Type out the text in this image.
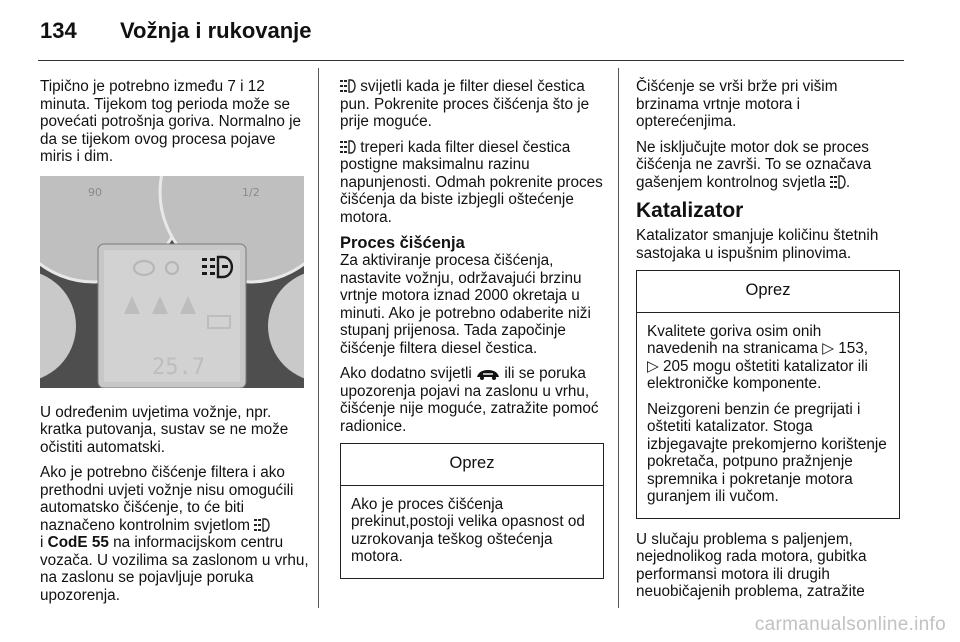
134 Vožnja i rukovanje

Tipično je potrebno između 7 i 12 minuta. Tijekom tog perioda može se povećati potrošnja goriva. Normalno je da se tijekom ovog procesa pojave miris i dim.

90	1/2
25.7

U određenim uvjetima vožnje, npr. kratka putovanja, sustav se ne može očistiti automatski.

Ako je potrebno čišćenje filtera i ako prethodni uvjeti vožnje nisu omogućili automatsko čišćenje, to će biti naznačeno kontrolnim svjetlom
i CodE 55 na informacijskom centru vozača. U vozilima sa zaslonom u vrhu, na zaslonu se pojavljuje poruka upozorenja.

svijetli kada je filter diesel čestica pun. Pokrenite proces čišćenja što je prije moguće.

treperi kada filter diesel čestica postigne maksimalnu razinu napunjenosti. Odmah pokrenite proces čišćenja da biste izbjegli oštećenje motora.

Proces čišćenja

Za aktiviranje procesa čišćenja, nastavite vožnju, održavajući brzinu vrtnje motora iznad 2000 okretaja u minuti. Ako je potrebno odaberite niži stupanj prijenosa. Tada započinje čišćenje filtera diesel čestica.

Ako dodatno svijetli ili se poruka upozorenja pojavi na zaslonu u vrhu, čišćenje nije moguće, zatražite pomoć radionice.

Oprez

Ako je proces čišćenja prekinut,postoji velika opasnost od uzrokovanja teškog oštećenja motora.

Čišćenje se vrši brže pri višim brzinama vrtnje motora i opterećenjima.

Ne isključujte motor dok se proces čišćenja ne završi. To se označava gašenjem kontrolnog svjetla .

Katalizator

Katalizator smanjuje količinu štetnih sastojaka u ispušnim plinovima.

Oprez

Kvalitete goriva osim onih navedenih na stranicama ▷ 153,
▷ 205 mogu oštetiti katalizator ili elektroničke komponente.

Neizgoreni benzin će pregrijati i oštetiti katalizator. Stoga izbjegavajte prekomjerno korištenje pokretača, potpuno pražnjenje spremnika i pokretanje motora guranjem ili vučom.

U slučaju problema s paljenjem, nejednolikog rada motora, gubitka performansi motora ili drugih neuobičajenih problema, zatražite

carmanualsonline.info
